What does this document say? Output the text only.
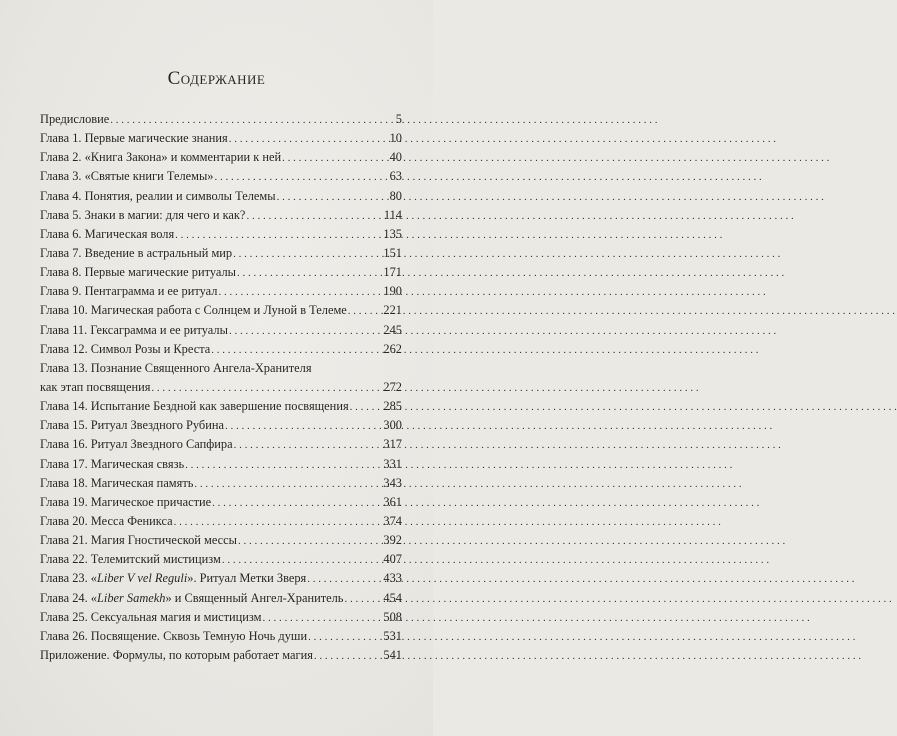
Содержание
Предисловие . . .	5
Глава 1. Первые магические знания . . .	10
Глава 2. «Книга Закона» и комментарии к ней . . .	40
Глава 3. «Святые книги Телемы» . . .	63
Глава 4. Понятия, реалии и символы Телемы . . .	80
Глава 5. Знаки в магии: для чего и как? . . .	114
Глава 6. Магическая воля . . .	135
Глава 7. Введение в астральный мир . . .	151
Глава 8. Первые магические ритуалы . . .	171
Глава 9. Пентаграмма и ее ритуал . . .	190
Глава 10. Магическая работа с Солнцем и Луной в Телеме . . .	221
Глава 11. Гексаграмма и ее ритуалы . . .	245
Глава 12. Символ Розы и Креста . . .	262
Глава 13. Познание Священного Ангела-Хранителя
как этап посвящения . . .	272
Глава 14. Испытание Бездной как завершение посвящения . . .	285
Глава 15. Ритуал Звездного Рубина . . .	300
Глава 16. Ритуал Звездного Сапфира . . .	317
Глава 17. Магическая связь . . .	331
Глава 18. Магическая память . . .	343
Глава 19. Магическое причастие . . .	361
Глава 20. Месса Феникса . . .	374
Глава 21. Магия Гностической мессы . . .	392
Глава 22. Телемитский мистицизм . . .	407
Глава 23. «Liber V vel Reguli». Ритуал Метки Зверя . . .	433
Глава 24. «Liber Samekh» и Священный Ангел-Хранитель . . .	454
Глава 25. Сексуальная магия и мистицизм . . .	508
Глава 26. Посвящение. Сквозь Темную Ночь души . . .	531
Приложение. Формулы, по которым работает магия . . .	541
